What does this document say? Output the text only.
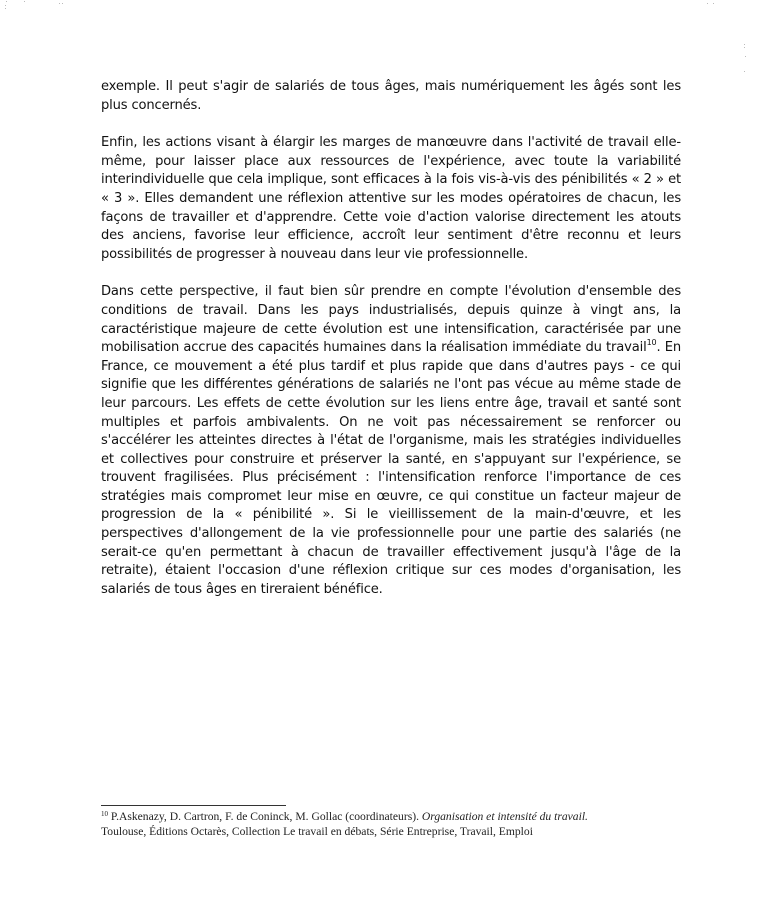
exemple. Il peut s'agir de salariés de tous âges, mais numériquement les âgés sont les plus concernés.

Enfin, les actions visant à élargir les marges de manœuvre dans l'activité de travail elle-même, pour laisser place aux ressources de l'expérience, avec toute la variabilité interindividuelle que cela implique, sont efficaces à la fois vis-à-vis des pénibilités « 2 » et « 3 ». Elles demandent une réflexion attentive sur les modes opératoires de chacun, les façons de travailler et d'apprendre. Cette voie d'action valorise directement les atouts des anciens, favorise leur efficience, accroît leur sentiment d'être reconnu et leurs possibilités de progresser à nouveau dans leur vie professionnelle.

Dans cette perspective, il faut bien sûr prendre en compte l'évolution d'ensemble des conditions de travail. Dans les pays industrialisés, depuis quinze à vingt ans, la caractéristique majeure de cette évolution est une intensification, caractérisée par une mobilisation accrue des capacités humaines dans la réalisation immédiate du travail$^{10}$. En France, ce mouvement a été plus tardif et plus rapide que dans d'autres pays - ce qui signifie que les différentes générations de salariés ne l'ont pas vécue au même stade de leur parcours. Les effets de cette évolution sur les liens entre âge, travail et santé sont multiples et parfois ambivalents. On ne voit pas nécessairement se renforcer ou s'accélérer les atteintes directes à l'état de l'organisme, mais les stratégies individuelles et collectives pour construire et préserver la santé, en s'appuyant sur l'expérience, se trouvent fragilisées. Plus précisément : l'intensification renforce l'importance de ces stratégies mais compromet leur mise en œuvre, ce qui constitue un facteur majeur de progression de la « pénibilité ». Si le vieillissement de la main-d'œuvre, et les perspectives d'allongement de la vie professionnelle pour une partie des salariés (ne serait-ce qu'en permettant à chacun de travailler effectivement jusqu'à l'âge de la retraite), étaient l'occasion d'une réflexion critique sur ces modes d'organisation, les salariés de tous âges en tireraient bénéfice.

$^{10}$ P.Askenazy, D. Cartron, F. de Coninck, M. Gollac (coordinateurs). Organisation et intensité du travail.
Toulouse, Éditions Octarès, Collection Le travail en débats, Série Entreprise, Travail, Emploi
